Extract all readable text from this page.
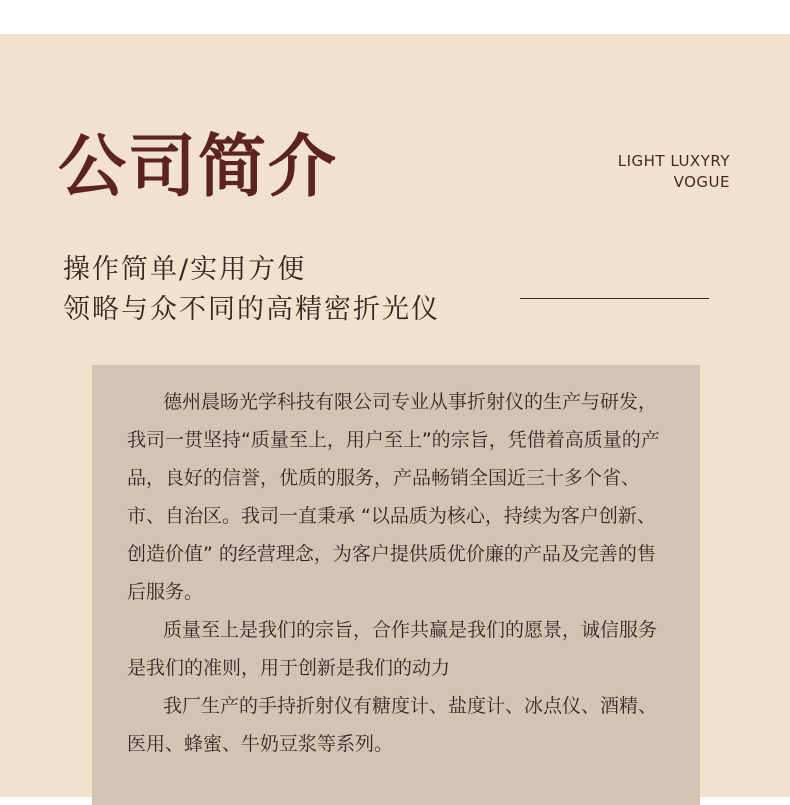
公司简介	LIGHT LUXYRY
VOGUE
操作简单/实用方便
领略与众不同的高精密折光仪

德州晨旸光学科技有限公司专业从事折射仪的生产与研发，我司一贯坚持“质量至上，用户至上”的宗旨，凭借着高质量的产品，良好的信誉，优质的服务，产品畅销全国近三十多个省、市、自治区。我司一直秉承 “以品质为核心，持续为客户创新、创造价值” 的经营理念，为客户提供质优价廉的产品及完善的售后服务。

质量至上是我们的宗旨，合作共赢是我们的愿景，诚信服务是我们的准则，用于创新是我们的动力

我厂生产的手持折射仪有糖度计、盐度计、冰点仪、酒精、医用、蜂蜜、牛奶豆浆等系列。
